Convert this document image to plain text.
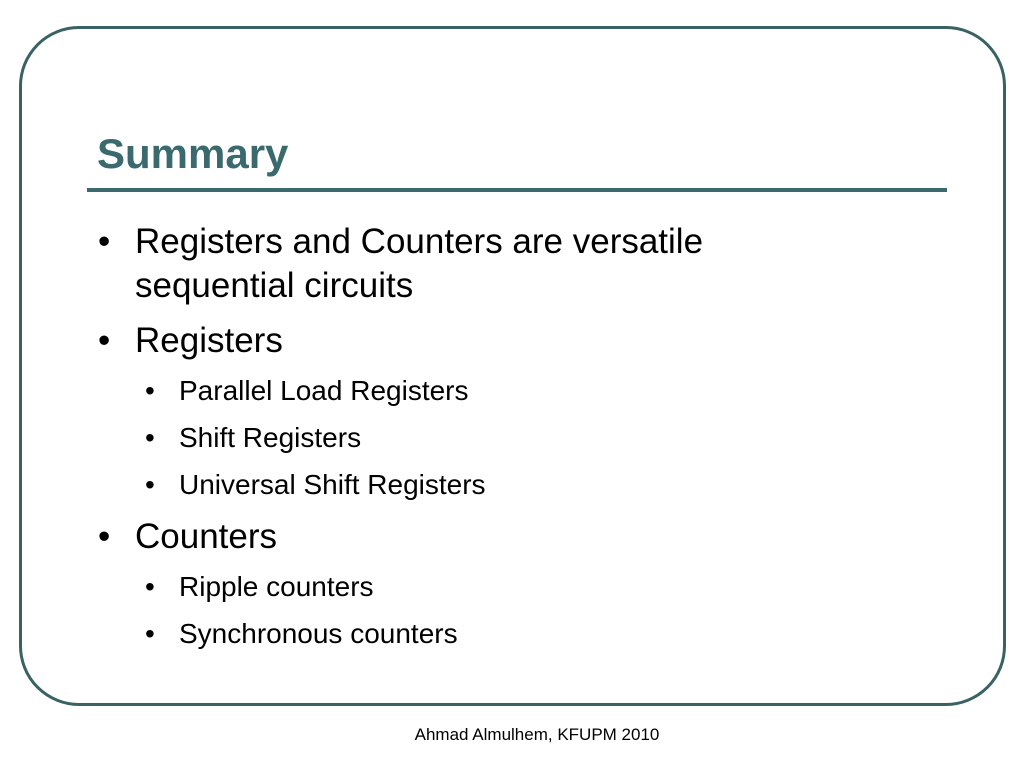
Summary
• Registers and Counters are versatile
sequential circuits
• Registers
• Parallel Load Registers
• Shift Registers
• Universal Shift Registers
• Counters
• Ripple counters
• Synchronous counters
Ahmad Almulhem, KFUPM 2010
